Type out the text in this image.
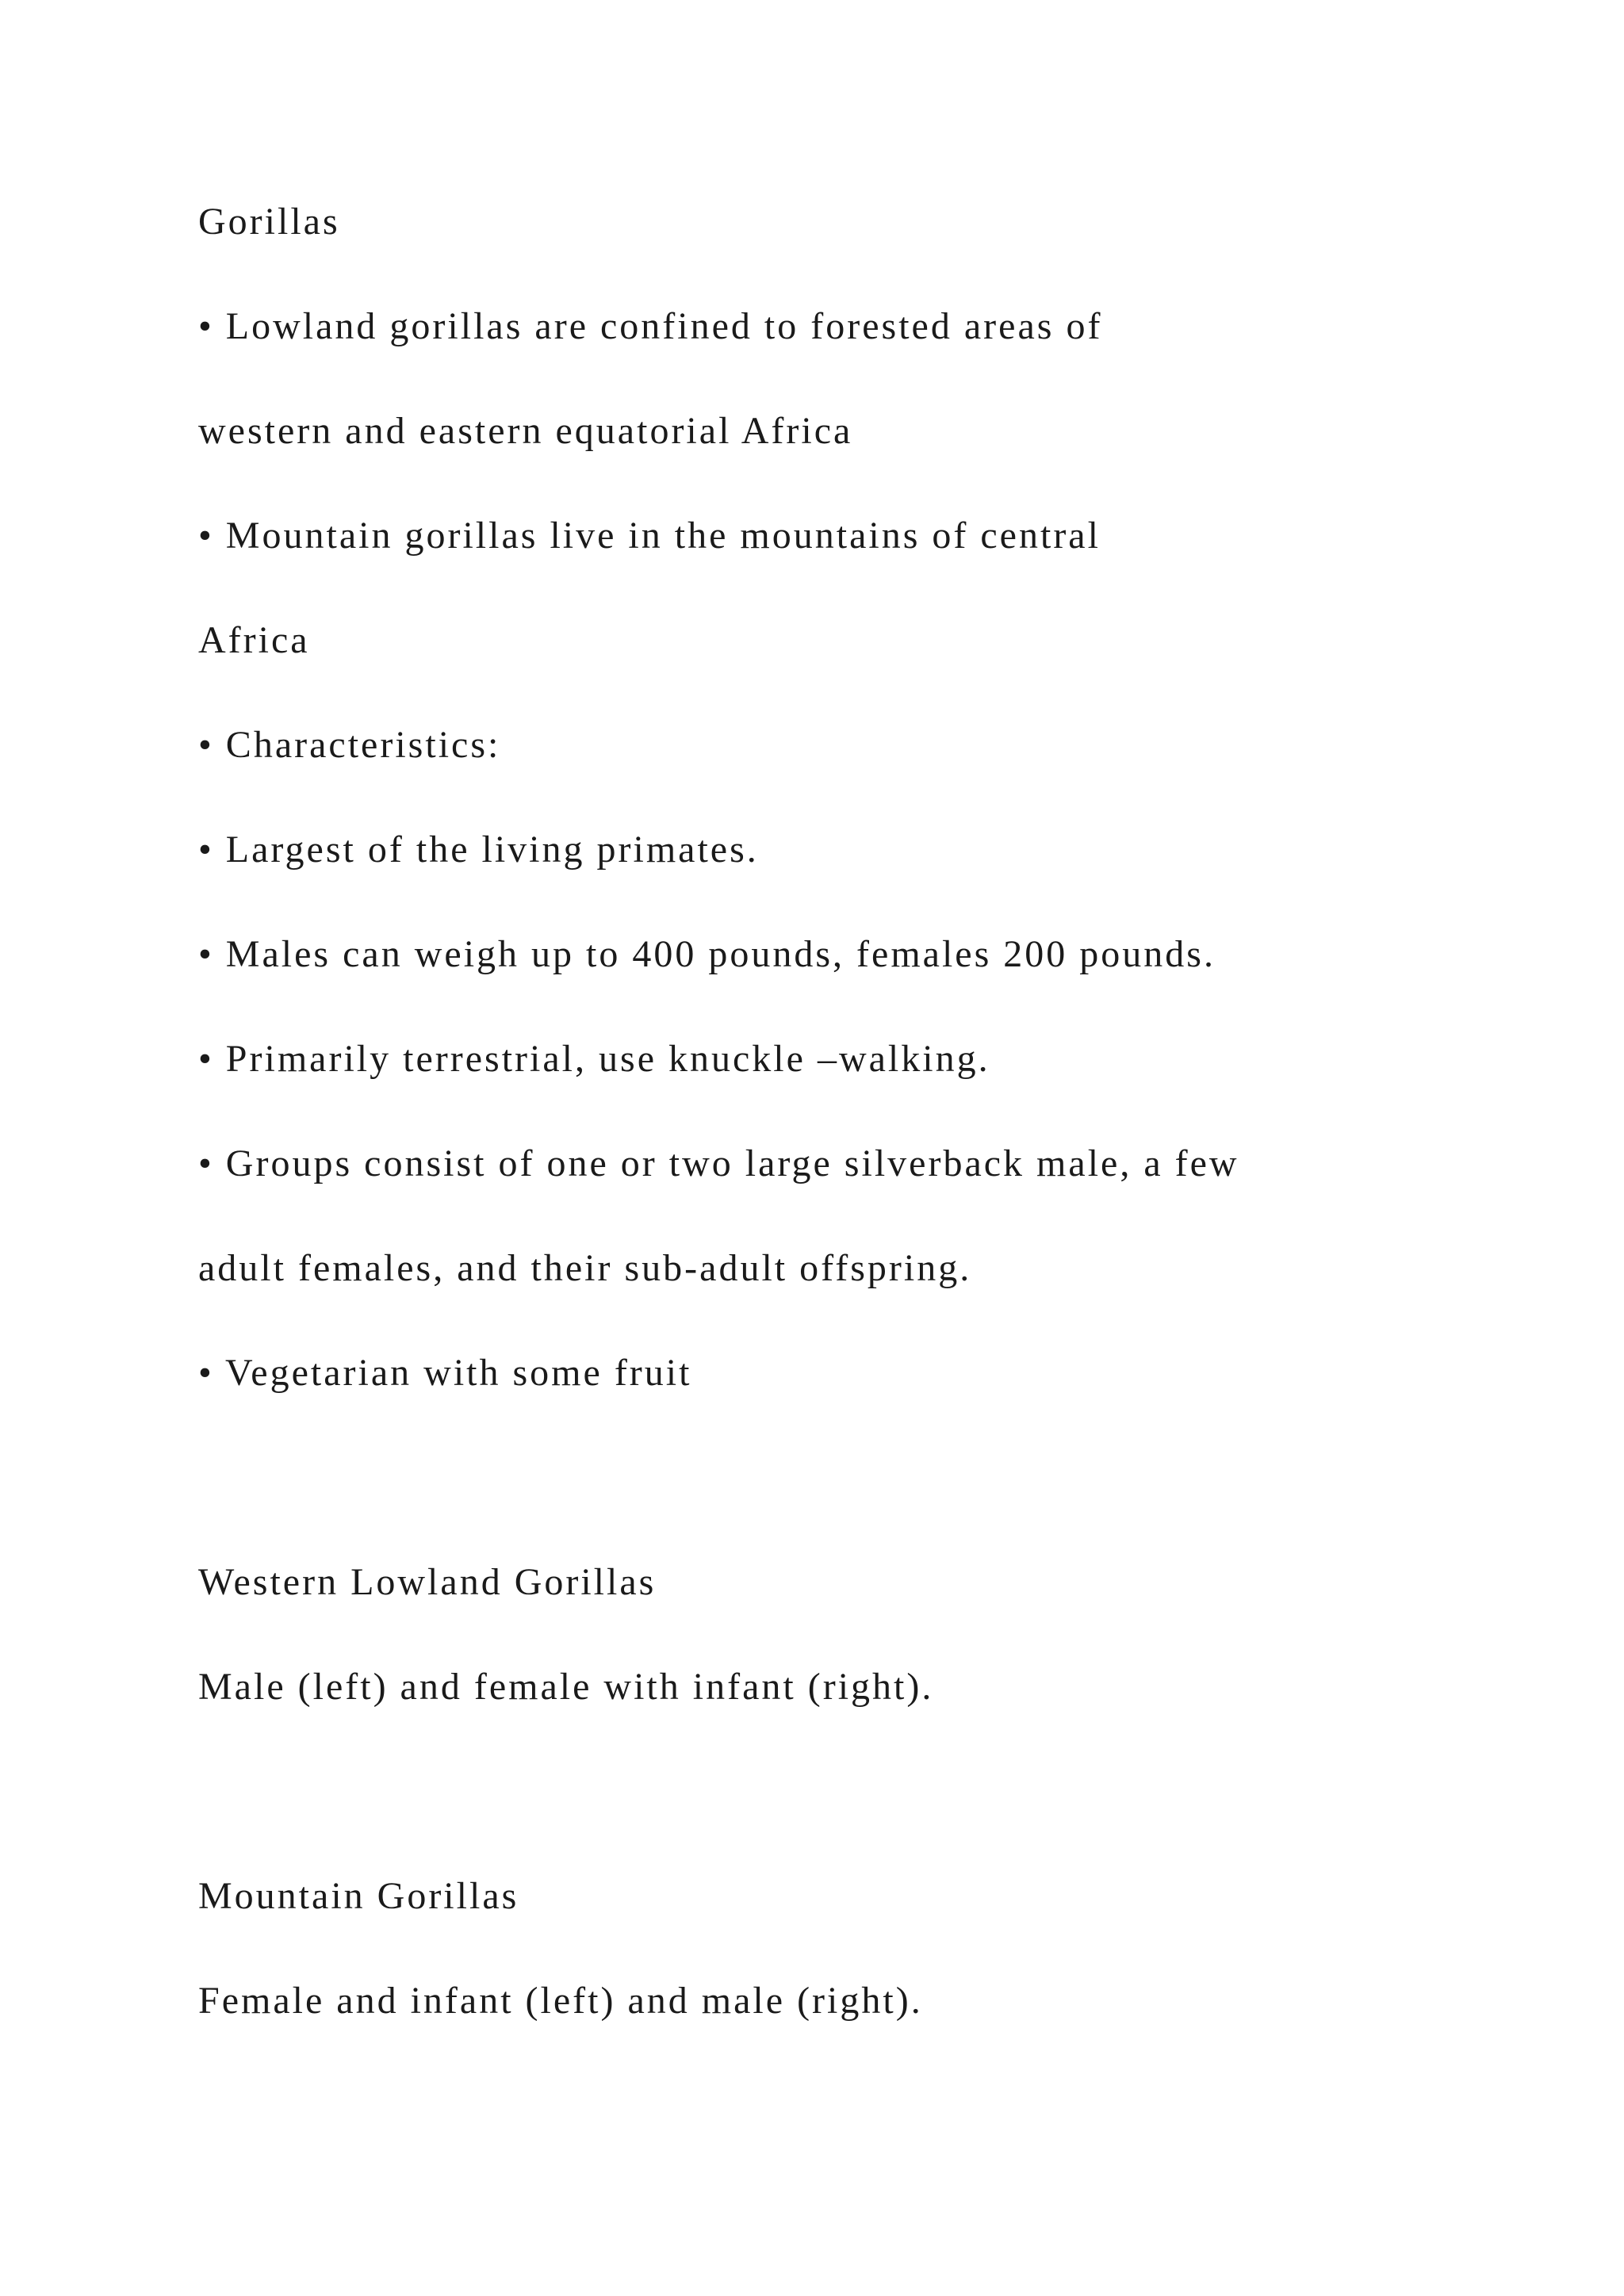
Gorillas

• Lowland gorillas are confined to forested areas of

western and eastern equatorial Africa

• Mountain gorillas live in the mountains of central

Africa

• Characteristics:

• Largest of the living primates.

• Males can weigh up to 400 pounds, females 200 pounds.

• Primarily terrestrial, use knuckle –walking.

• Groups consist of one or two large silverback male, a few

adult females, and their sub-adult offspring.

• Vegetarian with some fruit

Western Lowland Gorillas

Male (left) and female with infant (right).

Mountain Gorillas

Female and infant (left) and male (right).
